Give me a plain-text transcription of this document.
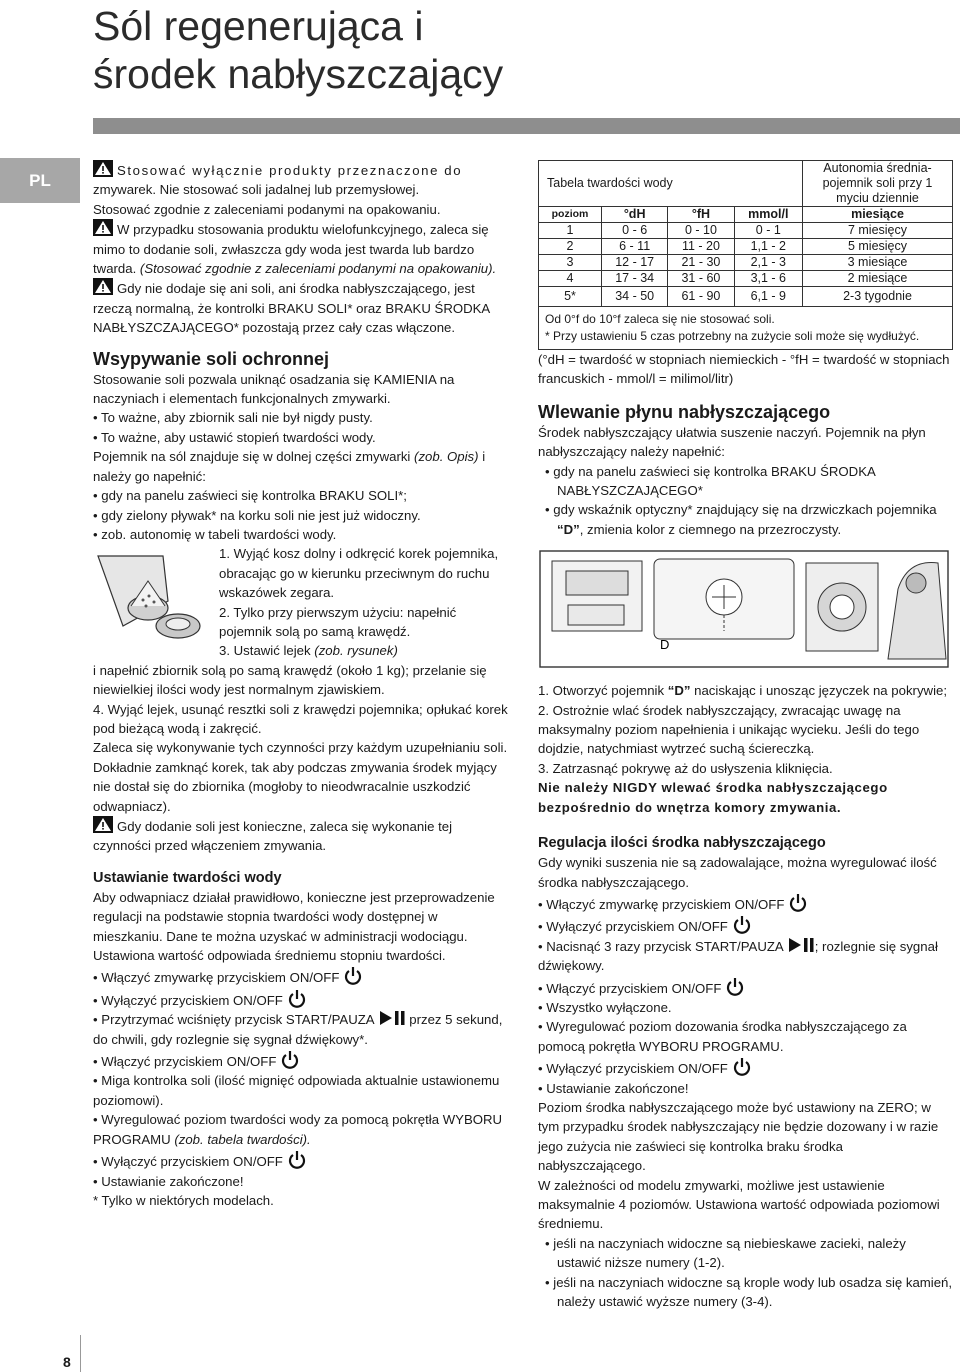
Sól regenerująca i
środek nabłyszczający
PL	Stosować wyłącznie produkty przeznaczone do
zmywarek. Nie stosować soli jadalnej lub przemysłowej.
Stosować zgodnie z zaleceniami podanymi na opakowaniu.

W przypadku stosowania produktu wielofunkcyjnego, zaleca się mimo to dodanie soli, zwłaszcza gdy woda jest twarda lub bardzo twarda. (Stosować zgodnie z zaleceniami podanymi na opakowaniu).

Gdy nie dodaje się ani soli, ani środka nabłyszczającego, jest rzeczą normalną, że kontrolki BRAKU SOLI* oraz BRAKU ŚRODKA NABŁYSZCZAJĄCEGO* pozostają przez cały czas włączone.

Wsypywanie soli ochronnej

Stosowanie soli pozwala uniknąć osadzania się KAMIENIA na naczyniach i elementach funkcjonalnych zmywarki.

• To ważne, aby zbiornik sali nie był nigdy pusty.

• To ważne, aby ustawić stopień twardości wody.

Pojemnik na sól znajduje się w dolnej części zmywarki (zob. Opis) i należy go napełnić:

• gdy na panelu zaświeci się kontrolka BRAKU SOLI*;

• gdy zielony pływak* na korku soli nie jest już widoczny.

• zob. autonomię w tabeli twardości wody.

1. Wyjąć kosz dolny i odkręcić korek pojemnika, obracając go w kierunku przeciwnym do ruchu wskazówek zegara.

2. Tylko przy pierwszym użyciu: napełnić pojemnik solą po samą krawędź.

3. Ustawić lejek (zob. rysunek)

i napełnić zbiornik solą po samą krawędź (około 1 kg); przelanie się niewielkiej ilości wody jest normalnym zjawiskiem.

4. Wyjąć lejek, usunąć resztki soli z krawędzi pojemnika; opłukać korek pod bieżącą wodą i zakręcić.

Zaleca się wykonywanie tych czynności przy każdym uzupełnianiu soli.

Dokładnie zamknąć korek, tak aby podczas zmywania środek myjący nie dostał się do zbiornika (mogłoby to nieodwracalnie uszkodzić odwapniacz).

Gdy dodanie soli jest konieczne, zaleca się wykonanie tej czynności przed włączeniem zmywania.

Ustawianie twardości wody

Aby odwapniacz działał prawidłowo, konieczne jest przeprowadzenie regulacji na podstawie stopnia twardości wody dostępnej w mieszkaniu. Dane te można uzyskać w administracji wodociągu. Ustawiona wartość odpowiada średniemu stopniu twardości.

• Włączyć zmywarkę przyciskiem ON/OFF

• Wyłączyć przyciskiem ON/OFF

• Przytrzymać wciśnięty przycisk START/PAUZA	przez 5 sekund, do chwili, gdy rozlegnie się sygnał dźwiękowy*.

• Włączyć przyciskiem ON/OFF

• Miga kontrolka soli (ilość mignięć odpowiada aktualnie ustawionemu poziomowi).

• Wyregulować poziom twardości wody za pomocą pokrętła WYBORU PROGRAMU (zob. tabela twardości).

• Wyłączyć przyciskiem ON/OFF

• Ustawianie zakończone!

* Tylko w niektórych modelach.

Tabela twardości wody				Autonomia średnia-pojemnik soli przy 1 myciu dziennie
poziom	°dH	°fH	mmol/l	miesiące
1	0 - 6	0 - 10	0 - 1	7 miesięcy
2	6 - 11	11 - 20	1,1 - 2	5 miesięcy
3	12 - 17	21 - 30	2,1 - 3	3 miesiące
4	17 - 34	31 - 60	3,1 - 6	2 miesiące
5*	34 - 50	61 - 90	6,1 - 9	2-3 tygodnie
Od 0°f do 10°f zaleca się nie stosować soli.
* Przy ustawieniu 5 czas potrzebny na zużycie soli może się wydłużyć.				

(°dH = twardość w stopniach niemieckich - °fH = twardość w stopniach francuskich - mmol/l = milimol/litr)

Wlewanie płynu nabłyszczającego

Środek nabłyszczający ułatwia suszenie naczyń. Pojemnik na płyn nabłyszczający należy napełnić:

• gdy na panelu zaświeci się kontrolka BRAKU ŚRODKA NABŁYSZCZAJĄCEGO*

• gdy wskaźnik optyczny* znajdujący się na drzwiczkach pojemnika “D”, zmienia kolor z ciemnego na przezroczysty.

D

1. Otworzyć pojemnik “D” naciskając i unosząc języczek na pokrywie;

2. Ostrożnie wlać środek nabłyszczający, zwracając uwagę na maksymalny poziom napełnienia i unikając wycieku. Jeśli do tego dojdzie, natychmiast wytrzeć suchą ściereczką.

3. Zatrzasnąć pokrywę aż do usłyszenia kliknięcia.

Nie należy NIGDY wlewać środka nabłyszczającego bezpośrednio do wnętrza komory zmywania.

Regulacja ilości środka nabłyszczającego

Gdy wyniki suszenia nie są zadowalające, można wyregulować ilość środka nabłyszczającego.

• Włączyć zmywarkę przyciskiem ON/OFF

• Wyłączyć przyciskiem ON/OFF

• Nacisnąć 3 razy przycisk START/PAUZA ; rozlegnie się sygnał dźwiękowy.

• Włączyć przyciskiem ON/OFF

• Wszystko wyłączone.

• Wyregulować poziom dozowania środka nabłyszczającego za pomocą pokrętła WYBORU PROGRAMU.

• Wyłączyć przyciskiem ON/OFF

• Ustawianie zakończone!

Poziom środka nabłyszczającego może być ustawiony na ZERO; w tym przypadku środek nabłyszczający nie będzie dozowany i w razie jego zużycia nie zaświeci się kontrolka braku środka nabłyszczającego.

W zależności od modelu zmywarki, możliwe jest ustawienie maksymalnie 4 poziomów. Ustawiona wartość odpowiada poziomowi średniemu.

• jeśli na naczyniach widoczne są niebieskawe zacieki, należy ustawić niższe numery (1-2).

• jeśli na naczyniach widoczne są krople wody lub osadza się kamień, należy ustawić wyższe numery (3-4).

8
